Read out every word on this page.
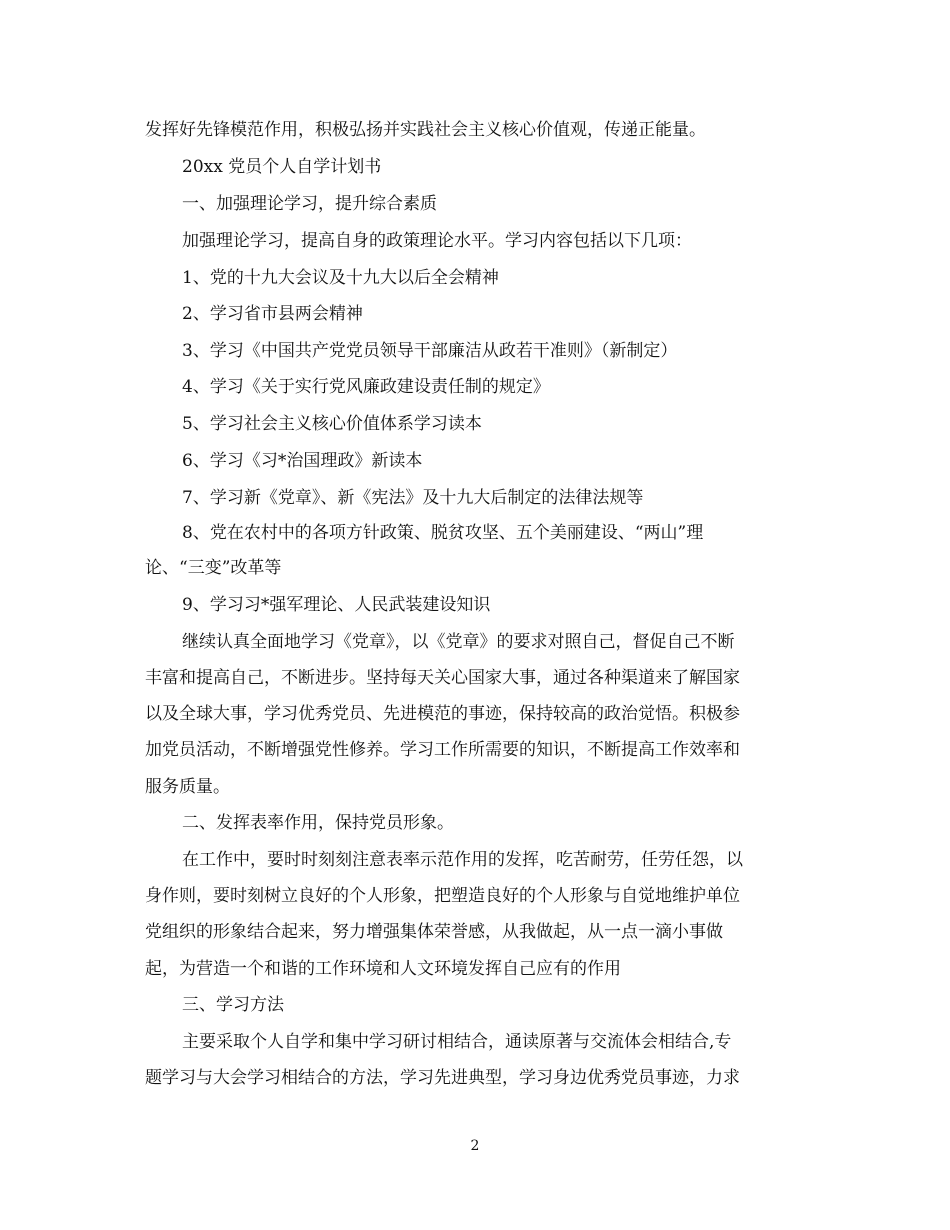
发挥好先锋模范作用，积极弘扬并实践社会主义核心价值观，传递正能量。
20xx 党员个人自学计划书
一、加强理论学习，提升综合素质
加强理论学习，提高自身的政策理论水平。学习内容包括以下几项：
1、党的十九大会议及十九大以后全会精神
2、学习省市县两会精神
3、学习《中国共产党党员领导干部廉洁从政若干准则》（新制定）
4、学习《关于实行党风廉政建设责任制的规定》
5、学习社会主义核心价值体系学习读本
6、学习《习*治国理政》新读本
7、学习新《党章》、新《宪法》及十九大后制定的法律法规等
8、党在农村中的各项方针政策、脱贫攻坚、五个美丽建设、“两山”理
论、“三变”改革等
9、学习习*强军理论、人民武装建设知识
继续认真全面地学习《党章》，以《党章》的要求对照自己，督促自己不断
丰富和提高自己，不断进步。坚持每天关心国家大事，通过各种渠道来了解国家
以及全球大事，学习优秀党员、先进模范的事迹，保持较高的政治觉悟。积极参
加党员活动，不断增强党性修养。学习工作所需要的知识，不断提高工作效率和
服务质量。
二、发挥表率作用，保持党员形象。
在工作中，要时时刻刻注意表率示范作用的发挥，吃苦耐劳，任劳任怨，以
身作则，要时刻树立良好的个人形象，把塑造良好的个人形象与自觉地维护单位
党组织的形象结合起来，努力增强集体荣誉感，从我做起，从一点一滴小事做
起，为营造一个和谐的工作环境和人文环境发挥自己应有的作用
三、学习方法
主要采取个人自学和集中学习研讨相结合，通读原著与交流体会相结合,专
题学习与大会学习相结合的方法，学习先进典型，学习身边优秀党员事迹，力求
2
